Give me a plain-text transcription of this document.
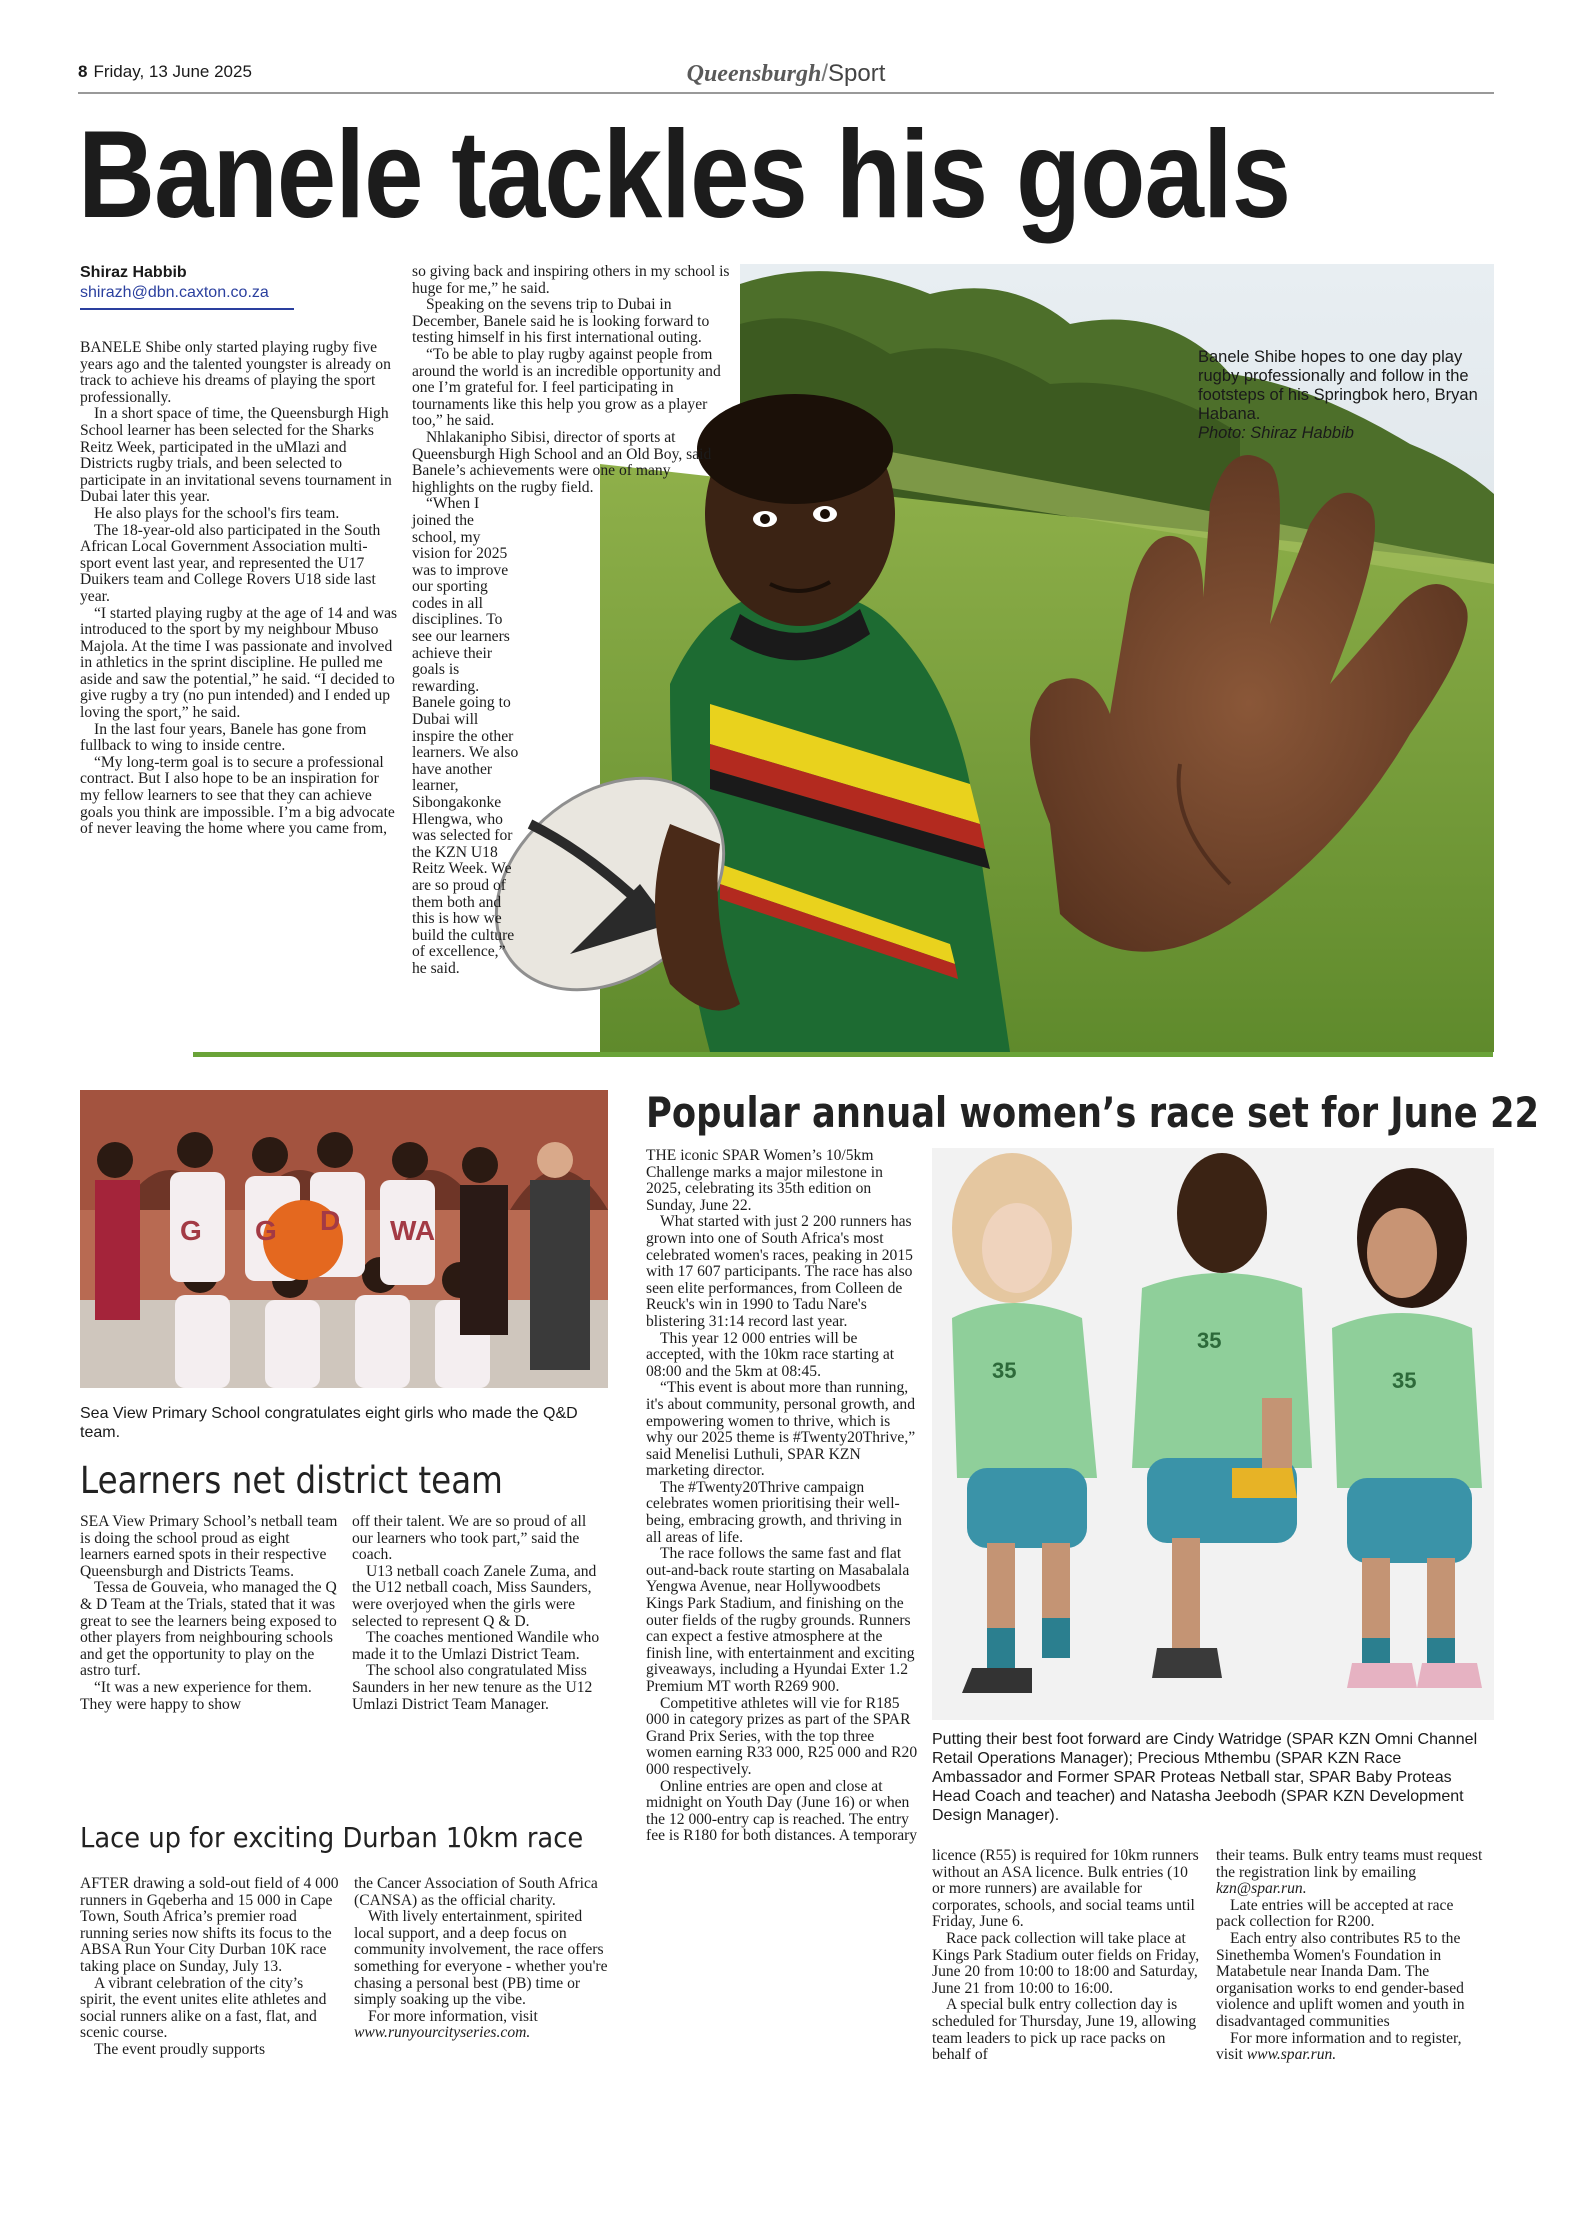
8 Friday, 13 June 2025	Queensburgh/Sport
Banele tackles his goals
Shiraz Habbib
shirazh@dbn.caxton.co.za

BANELE Shibe only started playing rugby five years ago and the talented youngster is already on track to achieve his dreams of playing the sport professionally.

In a short space of time, the Queensburgh High School learner has been selected for the Sharks Reitz Week, participated in the uMlazi and Districts rugby trials, and been selected to participate in an invitational sevens tournament in Dubai later this year.

He also plays for the school's firs team.

The 18-year-old also participated in the South African Local Government Association multi-sport event last year, and represented the U17 Duikers team and College Rovers U18 side last year.

“I started playing rugby at the age of 14 and was introduced to the sport by my neighbour Mbuso Majola. At the time I was passionate and involved in athletics in the sprint discipline. He pulled me aside and saw the potential,” he said. “I decided to give rugby a try (no pun intended) and I ended up loving the sport,” he said.

In the last four years, Banele has gone from fullback to wing to inside centre.

“My long-term goal is to secure a professional contract. But I also hope to be an inspiration for my fellow learners to see that they can achieve goals you think are impossible. I’m a big advocate of never leaving the home where you came from,

so giving back and inspiring others in my school is huge for me,” he said.

Speaking on the sevens trip to Dubai in December, Banele said he is looking forward to testing himself in his first international outing.

“To be able to play rugby against people from around the world is an incredible opportunity and one I’m grateful for. I feel participating in tournaments like this help you grow as a player too,” he said.

Nhlakanipho Sibisi, director of sports at Queensburgh High School and an Old Boy, said Banele’s achievements were one of many highlights on the rugby field.

“When I joined the school, my vision for 2025 was to improve our sporting codes in all disciplines. To see our learners achieve their goals is rewarding. Banele going to Dubai will inspire the other learners. We also have another learner, Sibongakonke Hlengwa, who was selected for the KZN U18 Reitz Week. We are so proud of them both and this is how we build the culture of excellence,” he said.

Banele Shibe hopes to one day play rugby professionally and follow in the footsteps of his Springbok hero, Bryan Habana.
Photo: Shiraz Habbib
G G D WA
Sea View Primary School congratulates eight girls who made the Q&D team.
Learners net district team

SEA View Primary School’s netball team is doing the school proud as eight learners earned spots in their respective Queensburgh and Districts Teams.

Tessa de Gouveia, who managed the Q & D Team at the Trials, stated that it was great to see the learners being exposed to other players from neighbouring schools and get the opportunity to play on the astro turf.

“It was a new experience for them. They were happy to show

off their talent. We are so proud of all our learners who took part,” said the coach.

U13 netball coach Zanele Zuma, and the U12 netball coach, Miss Saunders, were overjoyed when the girls were selected to represent Q & D.

The coaches mentioned Wandile who made it to the Umlazi District Team.

The school also congratulated Miss Saunders in her new tenure as the U12 Umlazi District Team Manager.

Lace up for exciting Durban 10km race

AFTER drawing a sold-out field of 4 000 runners in Gqeberha and 15 000 in Cape Town, South Africa’s premier road running series now shifts its focus to the ABSA Run Your City Durban 10K race taking place on Sunday, July 13.

A vibrant celebration of the city’s spirit, the event unites elite athletes and social runners alike on a fast, flat, and scenic course.

The event proudly supports

the Cancer Association of South Africa (CANSA) as the official charity.

With lively entertainment, spirited local support, and a deep focus on community involvement, the race offers something for everyone - whether you're chasing a personal best (PB) time or simply soaking up the vibe.

For more information, visit www.runyourcityseries.com.

Popular annual women’s race set for June 22

THE iconic SPAR Women’s 10/5km Challenge marks a major milestone in 2025, celebrating its 35th edition on Sunday, June 22.

What started with just 2 200 runners has grown into one of South Africa's most celebrated women's races, peaking in 2015 with 17 607 participants. The race has also seen elite performances, from Colleen de Reuck's win in 1990 to Tadu Nare's blistering 31:14 record last year.

This year 12 000 entries will be accepted, with the 10km race starting at 08:00 and the 5km at 08:45.

“This event is about more than running, it's about community, personal growth, and empowering women to thrive, which is why our 2025 theme is #Twenty20Thrive,” said Menelisi Luthuli, SPAR KZN marketing director.

The #Twenty20Thrive campaign celebrates women prioritising their well-being, embracing growth, and thriving in all areas of life.

The race follows the same fast and flat out-and-back route starting on Masabalala Yengwa Avenue, near Hollywoodbets Kings Park Stadium, and finishing on the outer fields of the rugby grounds. Runners can expect a festive atmosphere at the finish line, with entertainment and exciting giveaways, including a Hyundai Exter 1.2 Premium MT worth R269 900.

Competitive athletes will vie for R185 000 in category prizes as part of the SPAR Grand Prix Series, with the top three women earning R33 000, R25 000 and R20 000 respectively.

Online entries are open and close at midnight on Youth Day (June 16) or when the 12 000-entry cap is reached. The entry fee is R180 for both distances. A temporary

35
35	35
Putting their best foot forward are Cindy Watridge (SPAR KZN Omni Channel Retail Operations Manager); Precious Mthembu (SPAR KZN Race Ambassador and Former SPAR Proteas Netball star, SPAR Baby Proteas Head Coach and teacher) and Natasha Jeebodh (SPAR KZN Development Design Manager).

licence (R55) is required for 10km runners without an ASA licence. Bulk entries (10 or more runners) are available for corporates, schools, and social teams until Friday, June 6.

Race pack collection will take place at Kings Park Stadium outer fields on Friday, June 20 from 10:00 to 18:00 and Saturday, June 21 from 10:00 to 16:00.

A special bulk entry collection day is scheduled for Thursday, June 19, allowing team leaders to pick up race packs on behalf of

their teams. Bulk entry teams must request the registration link by emailing kzn@spar.run.

Late entries will be accepted at race pack collection for R200.

Each entry also contributes R5 to the Sinethemba Women's Foundation in Matabetule near Inanda Dam. The organisation works to end gender-based violence and uplift women and youth in disadvantaged communities

For more information and to register, visit www.spar.run.
